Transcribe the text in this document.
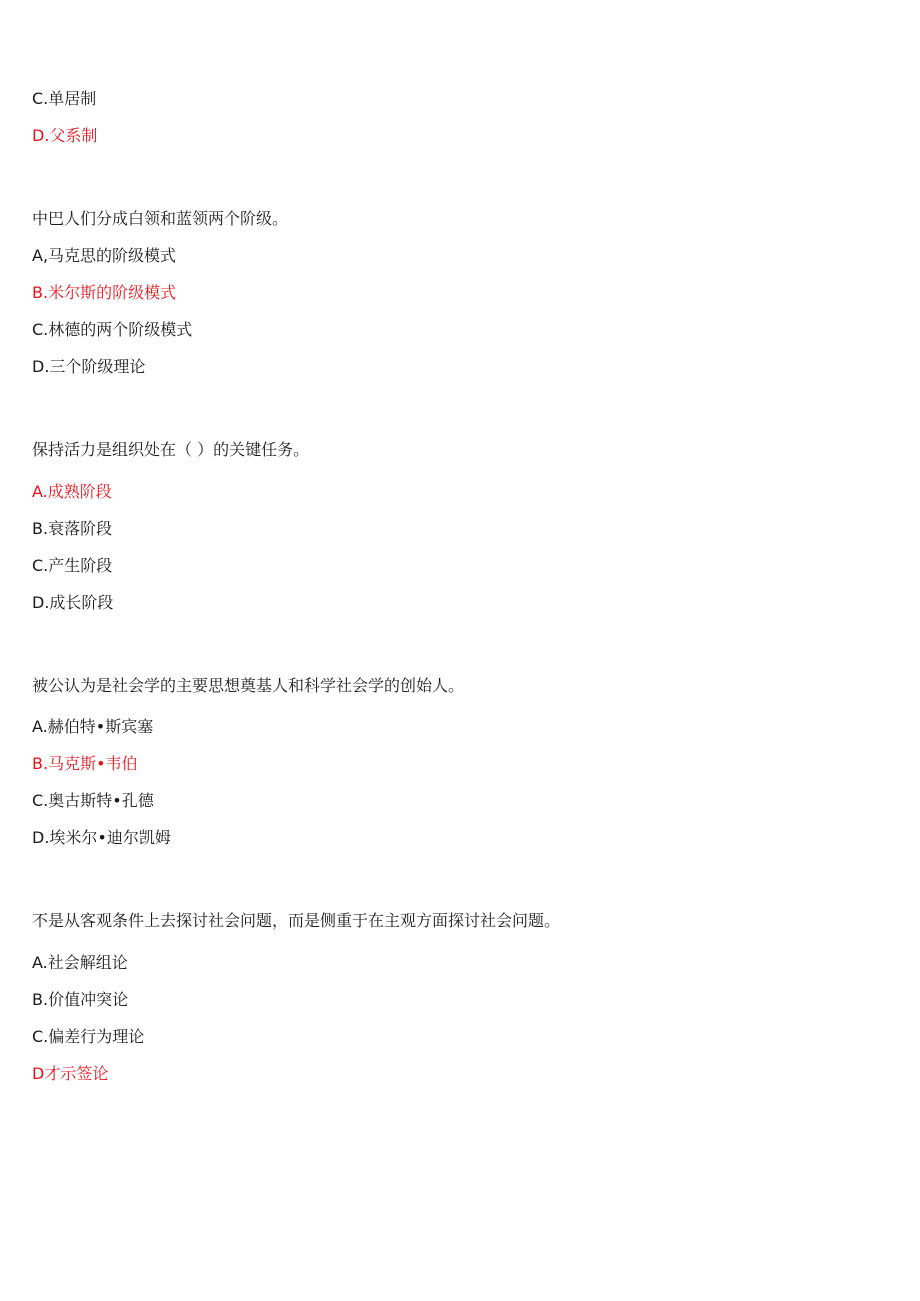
C.单居制
D.父系制
中巴人们分成白领和蓝领两个阶级。
A,马克思的阶级模式
B.米尔斯的阶级模式
C.林德的两个阶级模式
D.三个阶级理论
保持活力是组织处在（ ）的关键任务。
A.成熟阶段
B.衰落阶段
C.产生阶段
D.成长阶段
被公认为是社会学的主要思想奠基人和科学社会学的创始人。
A.赫伯特•斯宾塞
B.马克斯•韦伯
C.奥古斯特•孔德
D.埃米尔•迪尔凯姆
不是从客观条件上去探讨社会问题，而是侧重于在主观方面探讨社会问题。
A.社会解组论
B.价值冲突论
C.偏差行为理论
D才示签论
